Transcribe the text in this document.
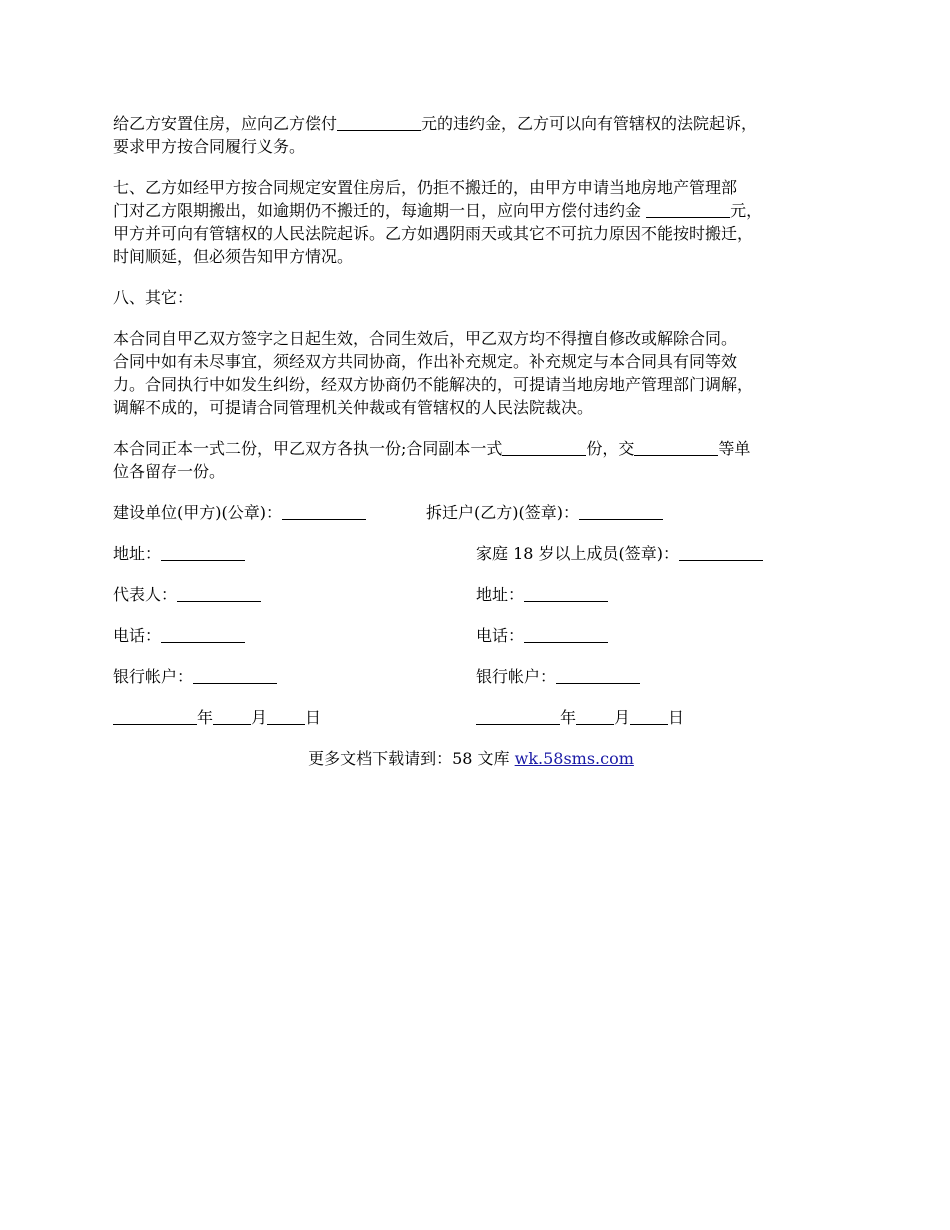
给乙方安置住房，应向乙方偿付	元的违约金，乙方可以向有管辖权的法院起诉，
要求甲方按合同履行义务。

七、乙方如经甲方按合同规定安置住房后，仍拒不搬迁的，由甲方申请当地房地产管理部
门对乙方限期搬出，如逾期仍不搬迁的，每逾期一日，应向甲方偿付违约金	元，
甲方并可向有管辖权的人民法院起诉。乙方如遇阴雨天或其它不可抗力原因不能按时搬迁，
时间顺延，但必须告知甲方情况。

八、其它：

本合同自甲乙双方签字之日起生效，合同生效后，甲乙双方均不得擅自修改或解除合同。
合同中如有未尽事宜，须经双方共同协商，作出补充规定。补充规定与本合同具有同等效
力。合同执行中如发生纠纷，经双方协商仍不能解决的，可提请当地房地产管理部门调解，
调解不成的，可提请合同管理机关仲裁或有管辖权的人民法院裁决。

本合同正本一式二份，甲乙双方各执一份;合同副本一式	份，交	等单
位各留存一份。

建设单位(甲方)(公章)：	拆迁户(乙方)(签章)：
地址：	家庭 18 岁以上成员(签章)：
代表人：	地址：
电话：	电话：
银行帐户：	银行帐户：
年 月 日	年 月 日
更多文档下载请到：58 文库 wk.58sms.com
